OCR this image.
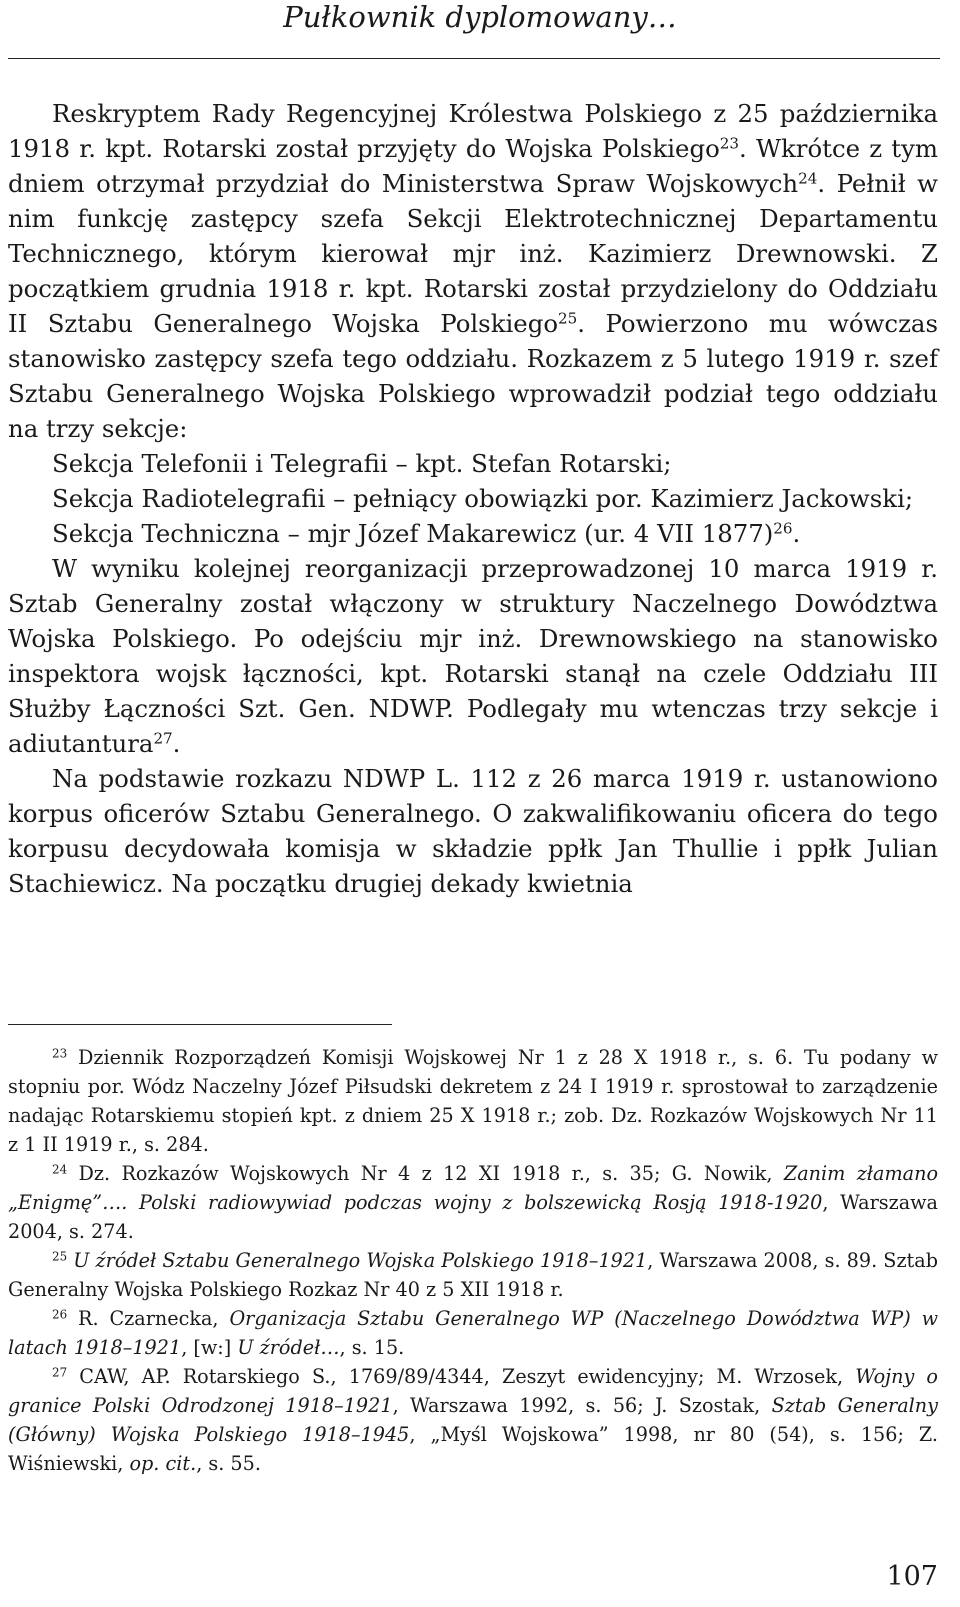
Pułkownik dyplomowany…

Reskryptem Rady Regencyjnej Królestwa Polskiego z 25 października 1918 r. kpt. Rotarski został przyjęty do Wojska Polskiego$^{23}$. Wkrótce z tym dniem otrzymał przydział do Ministerstwa Spraw Wojskowych$^{24}$. Pełnił w nim funkcję zastępcy szefa Sekcji Elektrotechnicznej Departamentu Technicznego, którym kierował mjr inż. Kazimierz Drewnowski. Z początkiem grudnia 1918 r. kpt. Rotarski został przydzielony do Oddziału II Sztabu Generalnego Wojska Polskiego$^{25}$. Powierzono mu wówczas stanowisko zastępcy szefa tego oddziału. Rozkazem z 5 lutego 1919 r. szef Sztabu Generalnego Wojska Polskiego wprowadził podział tego oddziału na trzy sekcje:

Sekcja Telefonii i Telegrafii – kpt. Stefan Rotarski;

Sekcja Radiotelegrafii – pełniący obowiązki por. Kazimierz Jackowski;

Sekcja Techniczna – mjr Józef Makarewicz (ur. 4 VII 1877)$^{26}$.

W wyniku kolejnej reorganizacji przeprowadzonej 10 marca 1919 r. Sztab Generalny został włączony w struktury Naczelnego Dowództwa Wojska Polskiego. Po odejściu mjr inż. Drewnowskiego na stanowisko inspektora wojsk łączności, kpt. Rotarski stanął na czele Oddziału III Służby Łączności Szt. Gen. NDWP. Podlegały mu wtenczas trzy sekcje i adiutantura$^{27}$.

Na podstawie rozkazu NDWP L. 112 z 26 marca 1919 r. ustanowiono korpus oficerów Sztabu Generalnego. O zakwalifikowaniu oficera do tego korpusu decydowała komisja w składzie ppłk Jan Thullie i ppłk Julian Stachiewicz. Na początku drugiej dekady kwietnia

$^{23}$ Dziennik Rozporządzeń Komisji Wojskowej Nr 1 z 28 X 1918 r., s. 6. Tu podany w stopniu por. Wódz Naczelny Józef Piłsudski dekretem z 24 I 1919 r. sprostował to zarządzenie nadając Rotarskiemu stopień kpt. z dniem 25 X 1918 r.; zob. Dz. Rozkazów Wojskowych Nr 11 z 1 II 1919 r., s. 284.

$^{24}$ Dz. Rozkazów Wojskowych Nr 4 z 12 XI 1918 r., s. 35; G. Nowik, Zanim złamano „Enigmę”…. Polski radiowywiad podczas wojny z bolszewicką Rosją 1918-1920, Warszawa 2004, s. 274.

$^{25}$ U źródeł Sztabu Generalnego Wojska Polskiego 1918–1921, Warszawa 2008, s. 89. Sztab Generalny Wojska Polskiego Rozkaz Nr 40 z 5 XII 1918 r.

$^{26}$ R. Czarnecka, Organizacja Sztabu Generalnego WP (Naczelnego Dowództwa WP) w latach 1918–1921, [w:] U źródeł…, s. 15.

$^{27}$ CAW, AP. Rotarskiego S., 1769/89/4344, Zeszyt ewidencyjny; M. Wrzosek, Wojny o granice Polski Odrodzonej 1918–1921, Warszawa 1992, s. 56; J. Szostak, Sztab Generalny (Główny) Wojska Polskiego 1918–1945, „Myśl Wojskowa” 1998, nr 80 (54), s. 156; Z. Wiśniewski, op. cit., s. 55.

107
